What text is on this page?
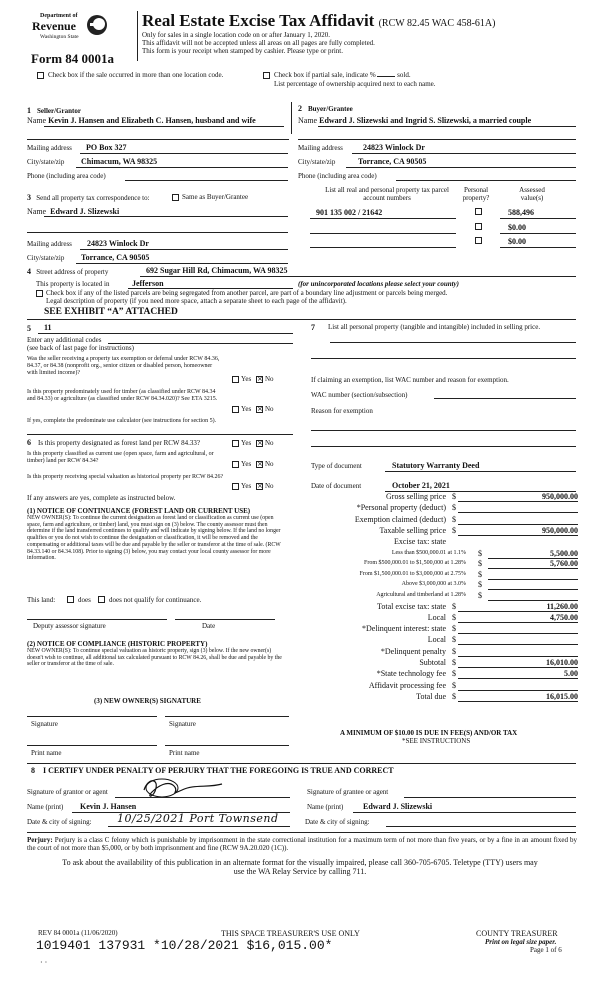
Department of
Revenue
Washington State
Form 84 0001a
Real Estate Excise Tax Affidavit (RCW 82.45 WAC 458-61A)
Only for sales in a single location code on or after January 1, 2020.
This affidavit will not be accepted unless all areas on all pages are fully completed.
This form is your receipt when stamped by cashier. Please type or print.
Check box if the sale occurred in more than one location code.	Check box if partial sale, indicate %	sold.
List percentage of ownership acquired next to each name.
1 Seller/Grantor
Name Kevin J. Hansen and Elizabeth C. Hansen, husband and wife
2 Buyer/Grantee
Name Edward J. Slizewski and Ingrid S. Slizewski, a married couple
Mailing address PO Box 327
City/state/zip Chimacum, WA 98325
Phone (including area code)
Mailing address	24823 Winlock Dr
City/state/zip	Torrance, CA 90505
Phone (including area code)
3 Send all property tax correspondence to:	Same as Buyer/Grantee
Name Edward J. Slizewski
Mailing address 24823 Winlock Dr
City/state/zip Torrance, CA 90505
List all real and personal property tax parcel account numbers
Personal property?
Assessed value(s)
901 135 002 / 21642	588,496
$0.00
$0.00
4 Street address of property	692 Sugar Hill Rd, Chimacum, WA 98325
This property is located in	Jefferson	(for unincorporated locations please select your county)
Check box if any of the listed parcels are being segregated from another parcel, are part of a boundary line adjustment or parcels being merged.
Legal description of property (if you need more space, attach a separate sheet to each page of the affidavit).
SEE EXHIBIT “A” ATTACHED
5 11
Enter any additional codes
(see back of last page for instructions)
Was the seller receiving a property tax exemption or deferral under RCW 84.36, 84.37, or 84.38 (nonprofit org., senior citizen or disabled person, homeowner with limited income)?
Yes × No
Is this property predominately used for timber (as classified under RCW 84.34 and 84.33) or agriculture (as classified under RCW 84.34.020)? See ETA 3215.
Yes × No
If yes, complete the predominate use calculator (see instructions for section 5).
7 List all personal property (tangible and intangible) included in selling price.
If claiming an exemption, list WAC number and reason for exemption.
WAC number (section/subsection)
Reason for exemption
6 Is this property designated as forest land per RCW 84.33?	Yes × No
Is this property classified as current use (open space, farm and agricultural, or timber) land per RCW 84.34?	Yes × No
Is this property receiving special valuation as historical property per RCW 84.26?
Yes × No
If any answers are yes, complete as instructed below.
(1) NOTICE OF CONTINUANCE (FOREST LAND OR CURRENT USE)
NEW OWNER(S): To continue the current designation as forest land or classification as current use (open space, farm and agriculture, or timber) land, you must sign on (3) below. The county assessor must then determine if the land transferred continues to qualify and will indicate by signing below. If the land no longer qualifies or you do not wish to continue the designation or classification, it will be removed and the compensating or additional taxes will be due and payable by the seller or transferor at the time of sale. (RCW 84.33.140 or 84.34.108). Prior to signing (3) below, you may contact your local county assessor for more information.
This land:	does	does not qualify for continuance.
Deputy assessor signature	Date
(2) NOTICE OF COMPLIANCE (HISTORIC PROPERTY)
NEW OWNER(S): To continue special valuation as historic property, sign (3) below. If the new owner(s) doesn't wish to continue, all additional tax calculated pursuant to RCW 84.26, shall be due and payable by the seller or transferor at the time of sale.
(3) NEW OWNER(S) SIGNATURE
Signature	Signature
Print name	Print name
Type of document	Statutory Warranty Deed
Date of document	October 21, 2021
Gross selling price $	950,000.00
*Personal property (deduct) $
Exemption claimed (deduct) $
Taxable selling price $	950,000.00
Excise tax: state
Less than $500,000.01 at 1.1% $	5,500.00
From $500,000.01 to $1,500,000 at 1.28% $	5,760.00
From $1,500,000.01 to $3,000,000 at 2.75% $
Above $3,000,000 at 3.0% $
Agricultural and timberland at 1.28% $
Total excise tax: state $	11,260.00
Local $	4,750.00
*Delinquent interest: state $
Local $
*Delinquent penalty $
Subtotal $	16,010.00
*State technology fee $	5.00
Affidavit processing fee $
Total due $	16,015.00
A MINIMUM OF $10.00 IS DUE IN FEE(S) AND/OR TAX
*SEE INSTRUCTIONS
8 I CERTIFY UNDER PENALTY OF PERJURY THAT THE FOREGOING IS TRUE AND CORRECT
Signature of grantor or agent	Signature of grantee or agent
Name (print) Kevin J. Hansen	Name (print) Edward J. Slizewski
Date & city of signing: 10/25/2021 Port Townsend	Date & city of signing:
Perjury: Perjury is a class C felony which is punishable by imprisonment in the state correctional institution for a maximum term of not more than five years, or by a fine in an amount fixed by the court of not more than $5,000, or by both imprisonment and fine (RCW 9A.20.020 (1C)).
To ask about the availability of this publication in an alternate format for the visually impaired, please call 360-705-6705. Teletype (TTY) users may use the WA Relay Service by calling 711.
REV 84 0001a (11/06/2020)	THIS SPACE TREASURER'S USE ONLY	COUNTY TREASURER
Print on legal size paper.
Page 1 of 6
1019401 137931 *10/28/2021 $16,015.00*
· ·
